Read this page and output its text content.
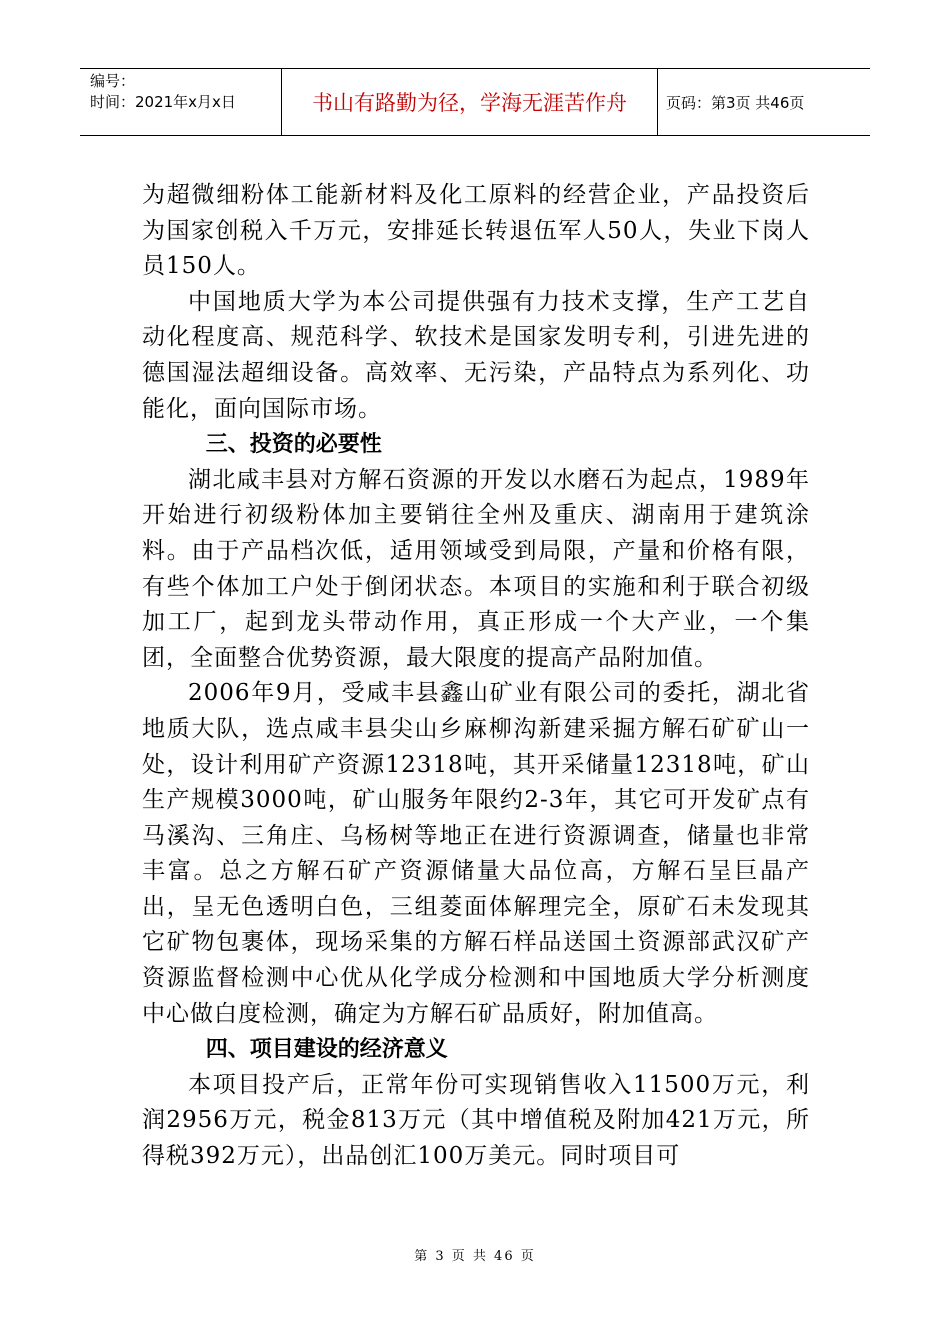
编号：
时间：2021年x月x日	书山有路勤为径，学海无涯苦作舟	页码：第3页 共46页

为超微细粉体工能新材料及化工原料的经营企业，产品投资后为国家创税入千万元，安排延长转退伍军人50人，失业下岗人员150人。

中国地质大学为本公司提供强有力技术支撑，生产工艺自动化程度高、规范科学、软技术是国家发明专利，引进先进的德国湿法超细设备。高效率、无污染，产品特点为系列化、功能化，面向国际市场。

三、投资的必要性

湖北咸丰县对方解石资源的开发以水磨石为起点，1989年开始进行初级粉体加主要销往全州及重庆、湖南用于建筑涂料。由于产品档次低，适用领域受到局限，产量和价格有限，有些个体加工户处于倒闭状态。本项目的实施和利于联合初级加工厂，起到龙头带动作用，真正形成一个大产业，一个集团，全面整合优势资源，最大限度的提高产品附加值。

2006年9月，受咸丰县鑫山矿业有限公司的委托，湖北省地质大队，选点咸丰县尖山乡麻柳沟新建采掘方解石矿矿山一处，设计利用矿产资源12318吨，其开采储量12318吨，矿山生产规模3000吨，矿山服务年限约2-3年，其它可开发矿点有马溪沟、三角庄、乌杨树等地正在进行资源调查，储量也非常丰富。总之方解石矿产资源储量大品位高，方解石呈巨晶产出，呈无色透明白色，三组菱面体解理完全，原矿石未发现其它矿物包裹体，现场采集的方解石样品送国土资源部武汉矿产资源监督检测中心优从化学成分检测和中国地质大学分析测度中心做白度检测，确定为方解石矿品质好，附加值高。

四、项目建设的经济意义

本项目投产后，正常年份可实现销售收入11500万元，利润2956万元，税金813万元（其中增值税及附加421万元，所得税392万元），出品创汇100万美元。同时项目可

第 3 页 共 46 页
